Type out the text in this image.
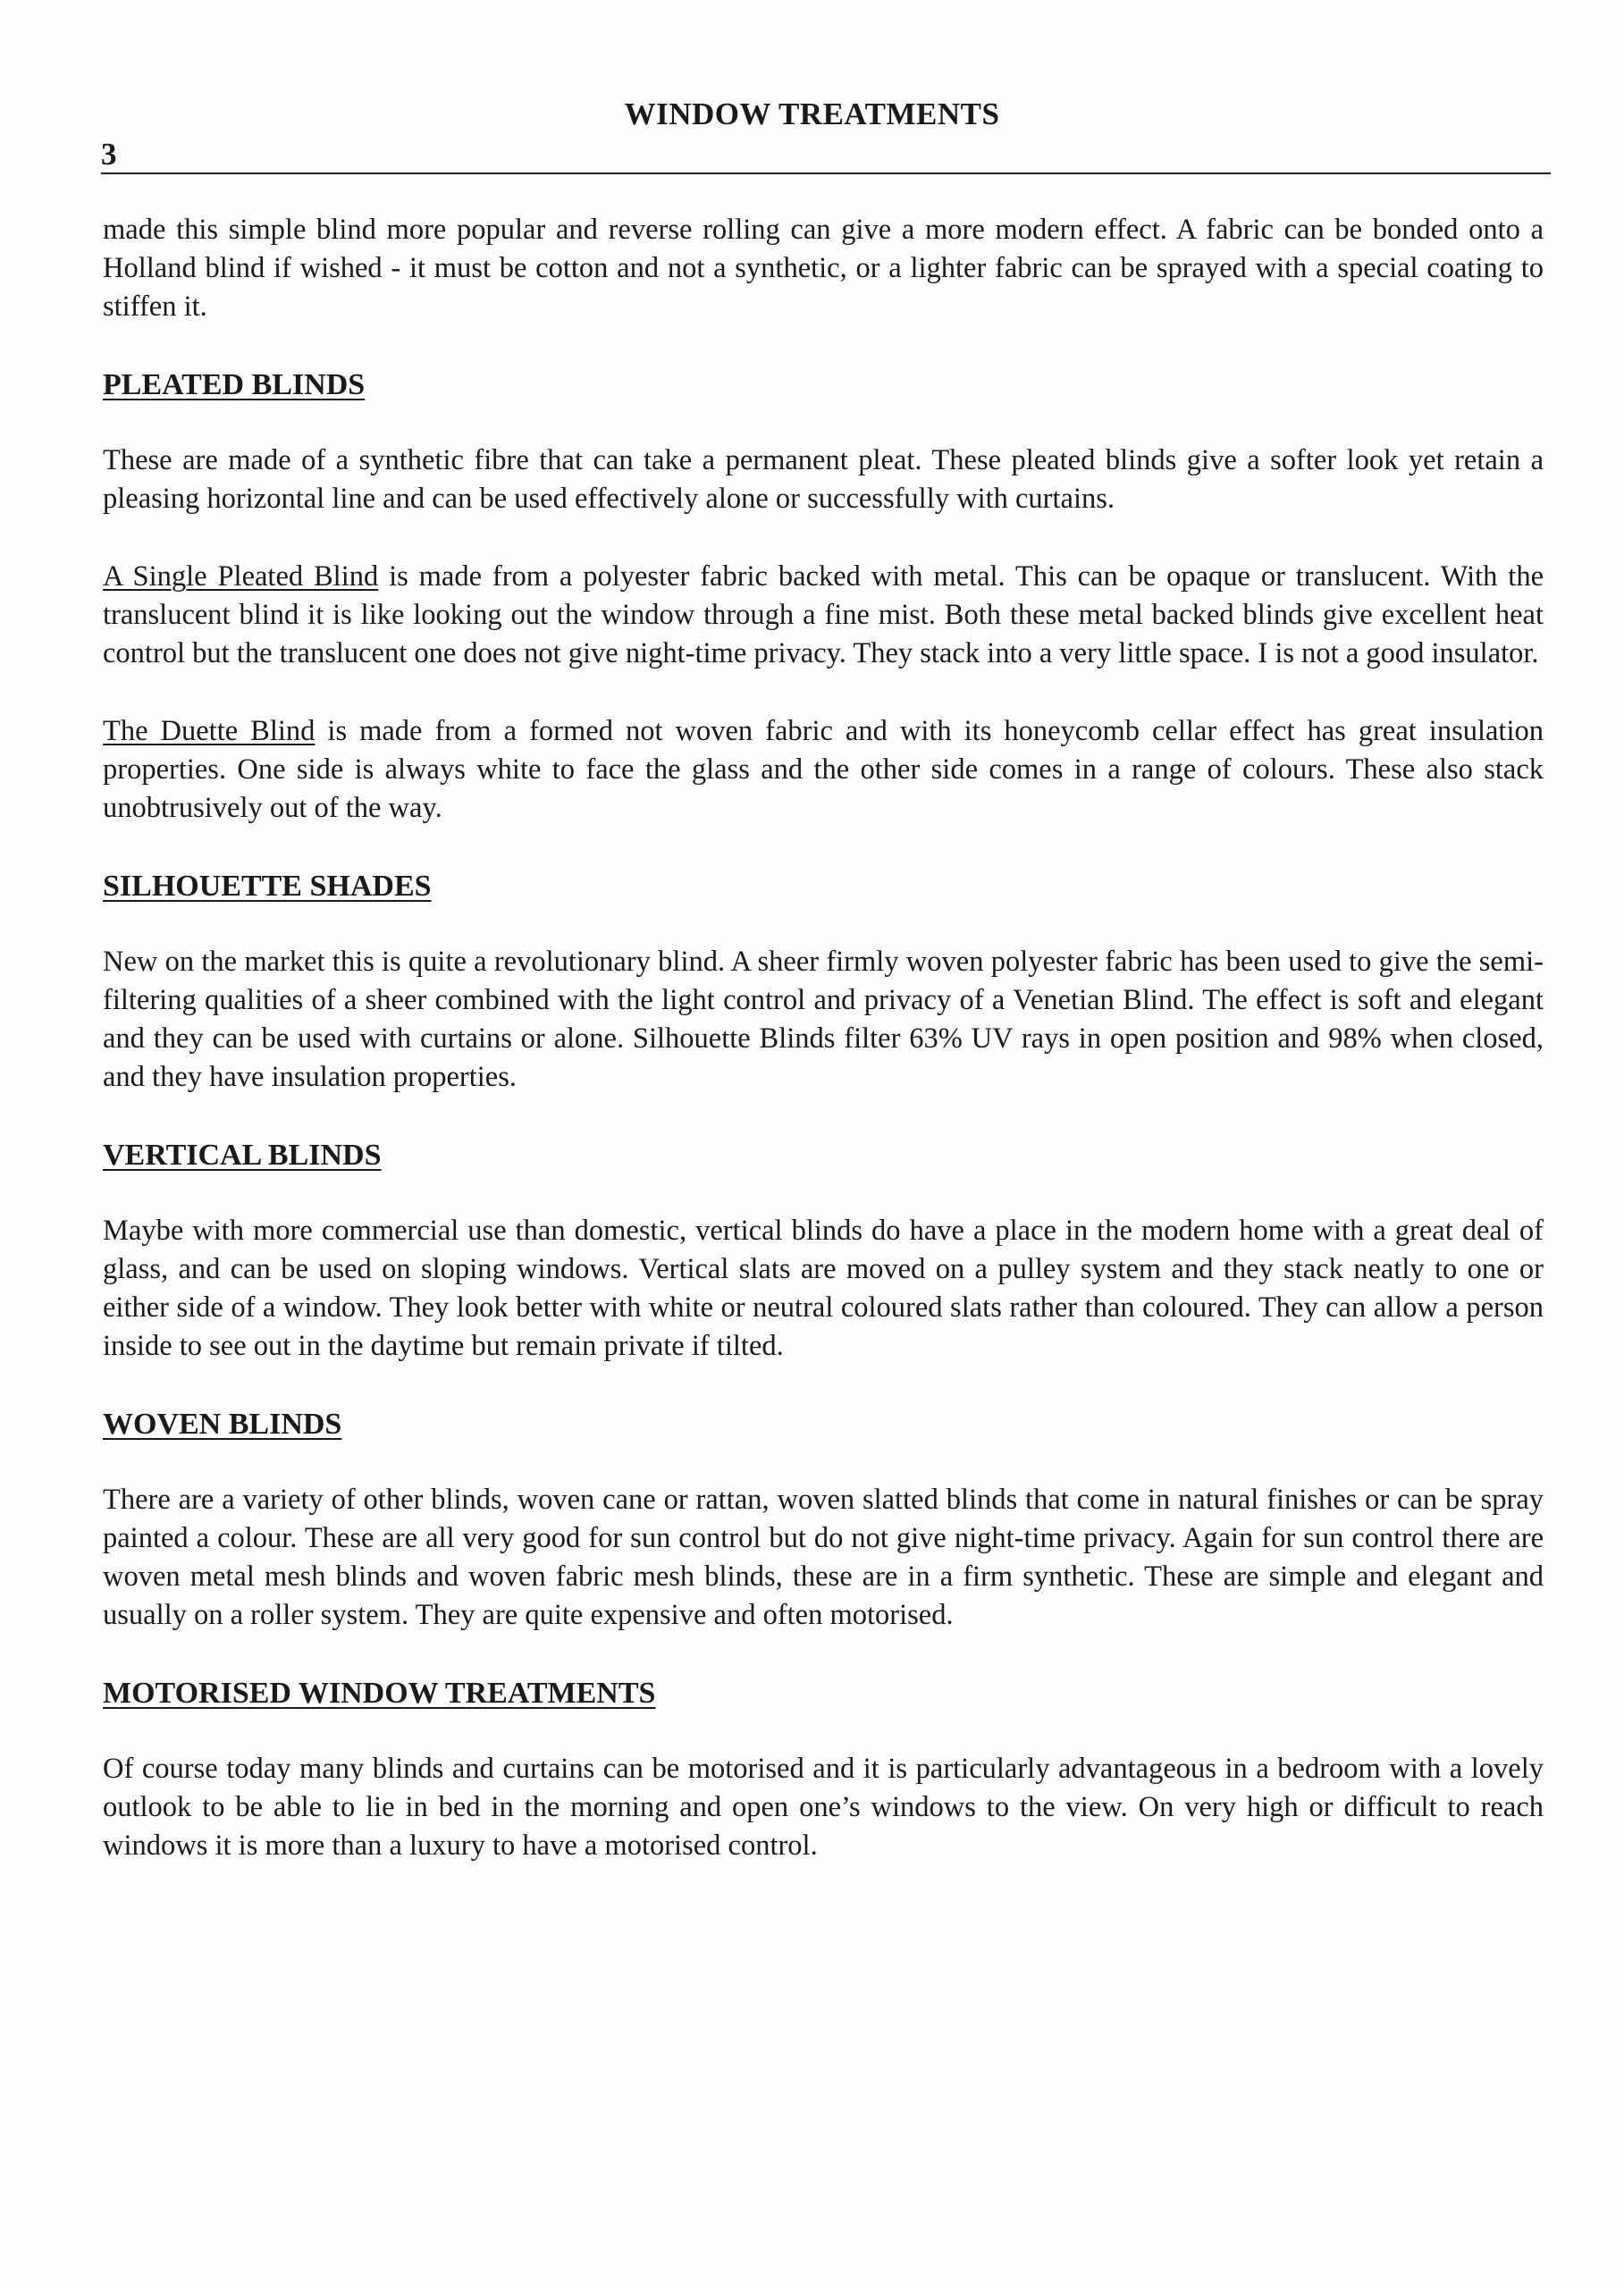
WINDOW TREATMENTS
3

made this simple blind more popular and reverse rolling can give a more modern effect. A fabric can be bonded onto a Holland blind if wished - it must be cotton and not a synthetic, or a lighter fabric can be sprayed with a special coating to stiffen it.

PLEATED BLINDS

These are made of a synthetic fibre that can take a permanent pleat. These pleated blinds give a softer look yet retain a pleasing horizontal line and can be used effectively alone or successfully with curtains.

A Single Pleated Blind is made from a polyester fabric backed with metal. This can be opaque or translucent. With the translucent blind it is like looking out the window through a fine mist. Both these metal backed blinds give excellent heat control but the translucent one does not give night-time privacy. They stack into a very little space. I is not a good insulator.

The Duette Blind is made from a formed not woven fabric and with its honeycomb cellar effect has great insulation properties. One side is always white to face the glass and the other side comes in a range of colours. These also stack unobtrusively out of the way.

SILHOUETTE SHADES

New on the market this is quite a revolutionary blind. A sheer firmly woven polyester fabric has been used to give the semi-filtering qualities of a sheer combined with the light control and privacy of a Venetian Blind. The effect is soft and elegant and they can be used with curtains or alone. Silhouette Blinds filter 63% UV rays in open position and 98% when closed, and they have insulation properties.

VERTICAL BLINDS

Maybe with more commercial use than domestic, vertical blinds do have a place in the modern home with a great deal of glass, and can be used on sloping windows. Vertical slats are moved on a pulley system and they stack neatly to one or either side of a window. They look better with white or neutral coloured slats rather than coloured. They can allow a person inside to see out in the daytime but remain private if tilted.

WOVEN BLINDS

There are a variety of other blinds, woven cane or rattan, woven slatted blinds that come in natural finishes or can be spray painted a colour. These are all very good for sun control but do not give night-time privacy. Again for sun control there are woven metal mesh blinds and woven fabric mesh blinds, these are in a firm synthetic. These are simple and elegant and usually on a roller system. They are quite expensive and often motorised.

MOTORISED WINDOW TREATMENTS

Of course today many blinds and curtains can be motorised and it is particularly advantageous in a bedroom with a lovely outlook to be able to lie in bed in the morning and open one’s windows to the view. On very high or difficult to reach windows it is more than a luxury to have a motorised control.
